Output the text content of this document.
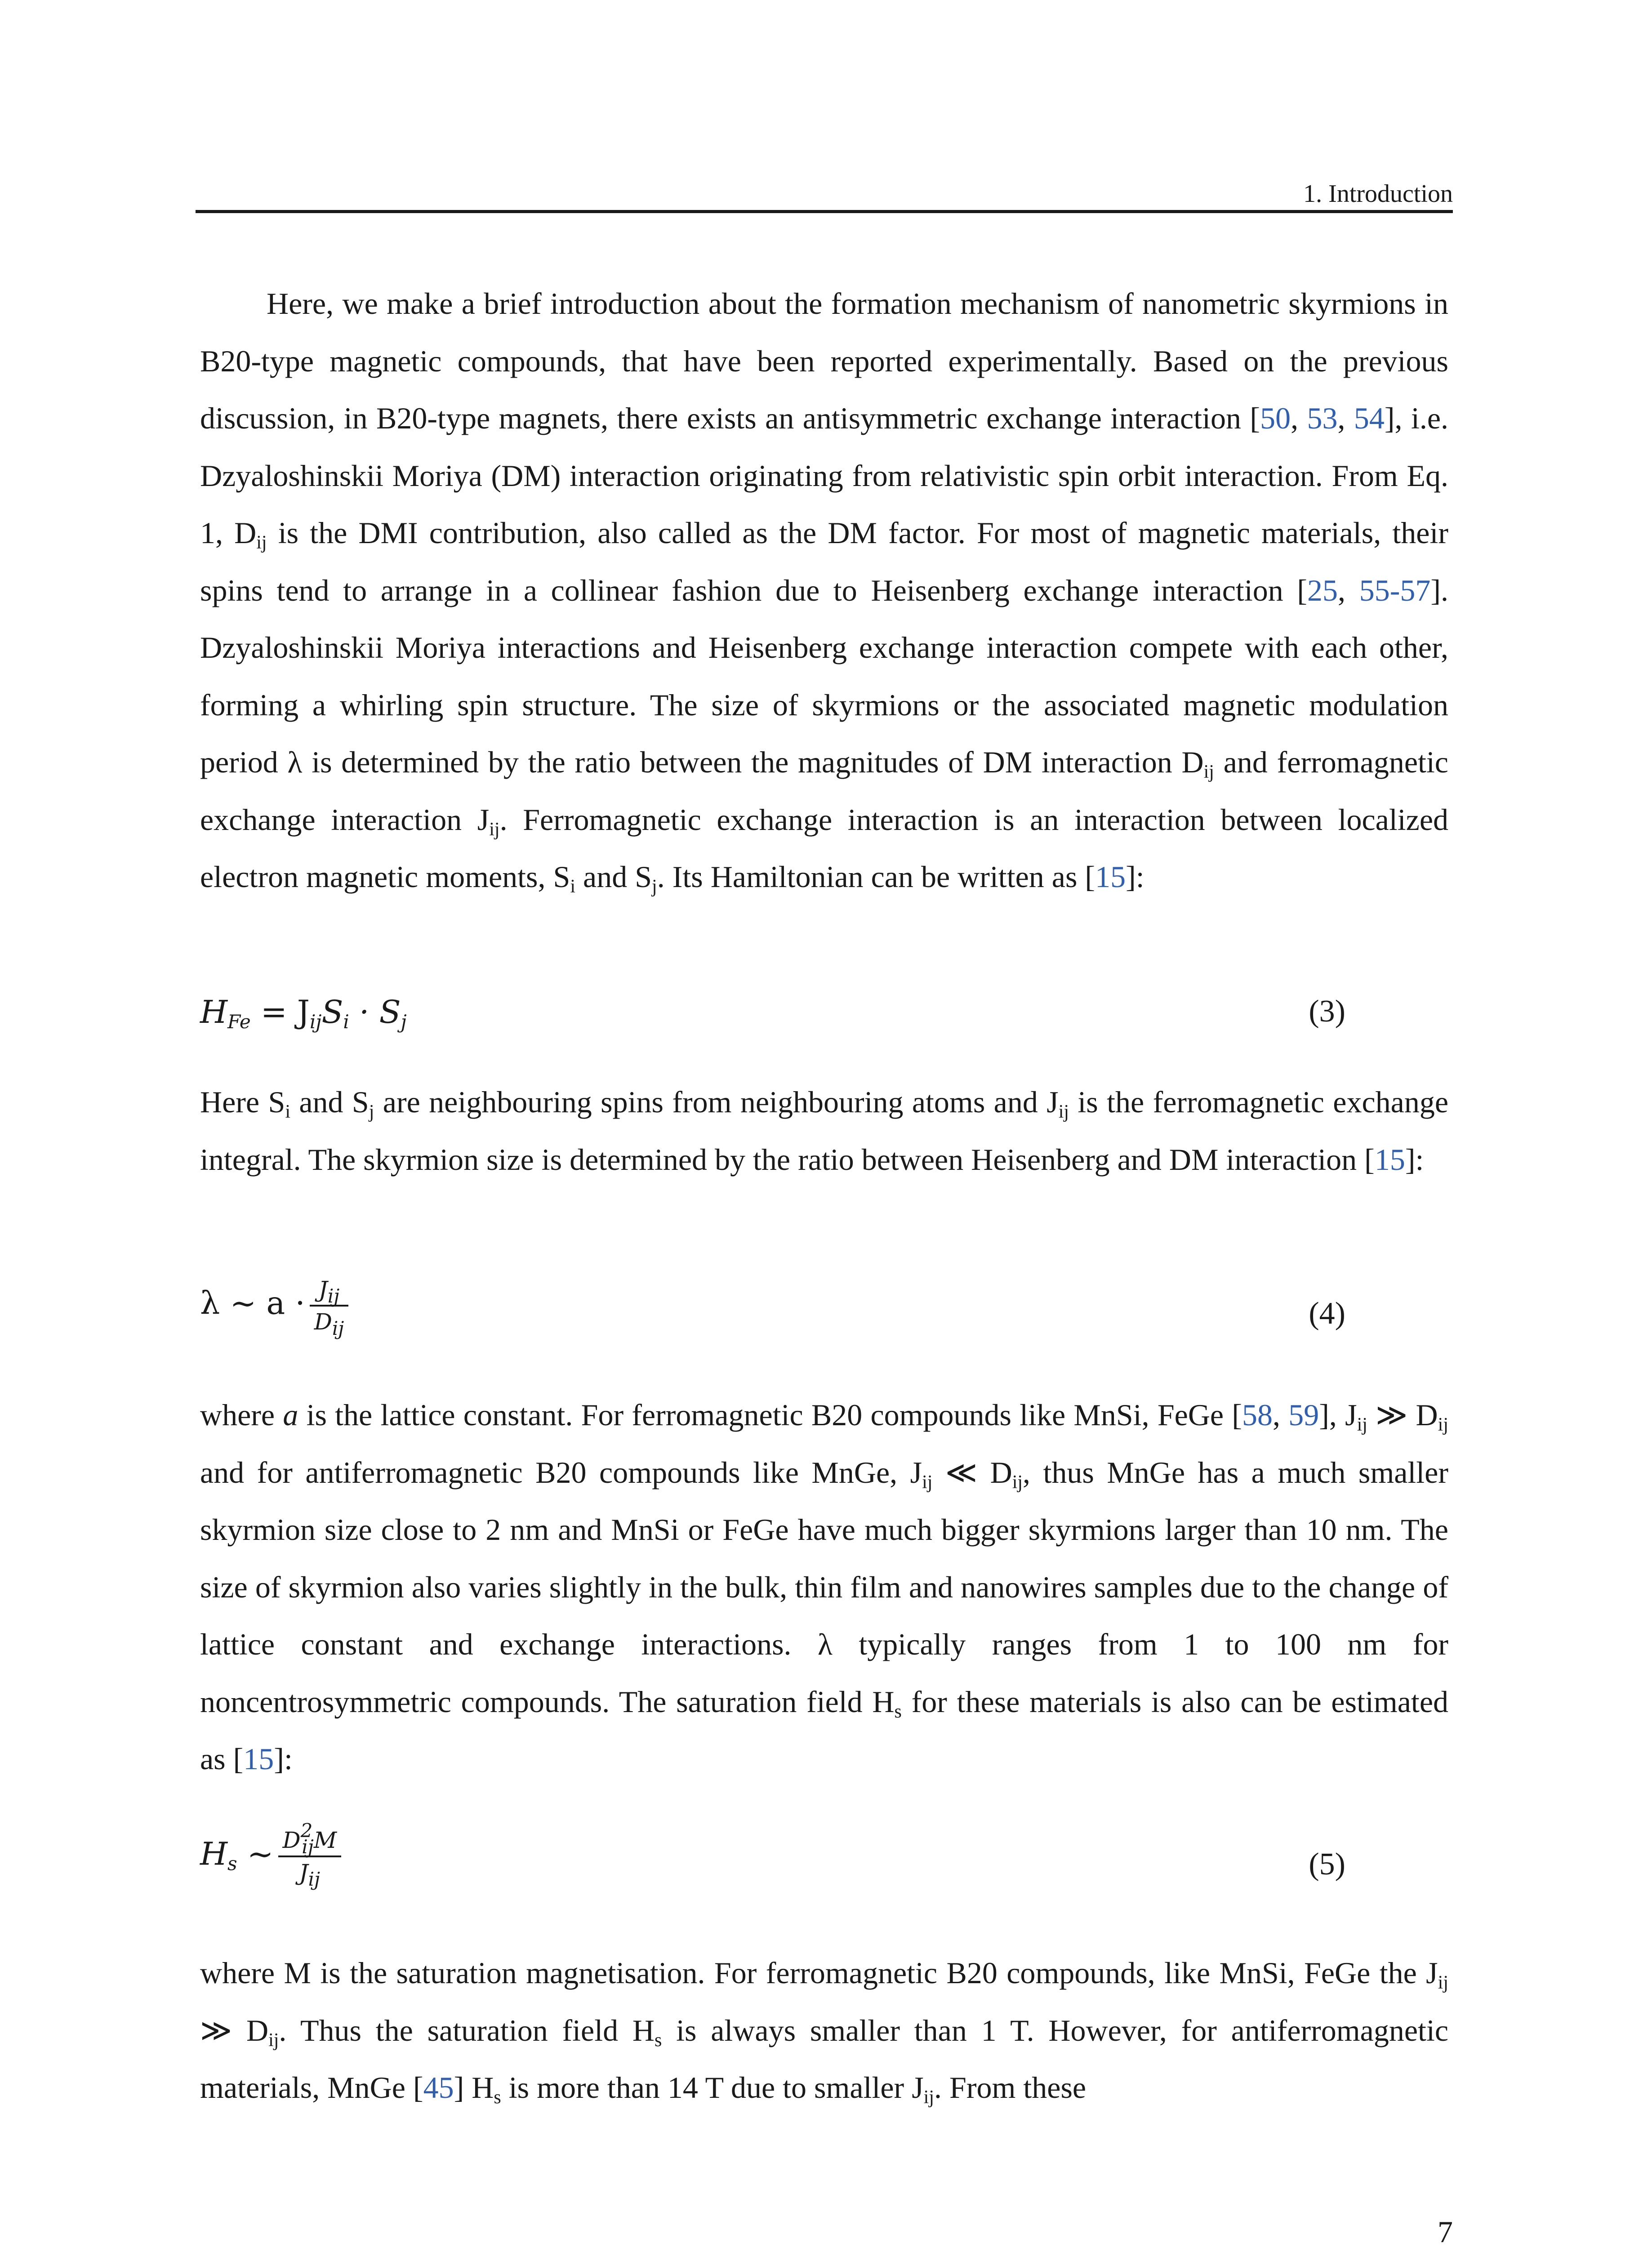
1. Introduction

Here, we make a brief introduction about the formation mechanism of nanometric skyrmions in B20-type magnetic compounds, that have been reported experimentally. Based on the previous discussion, in B20-type magnets, there exists an antisymmetric exchange interaction [50, 53, 54], i.e. Dzyaloshinskii Moriya (DM) interaction originating from relativistic spin orbit interaction. From Eq. 1, $D_{ij}$ is the DMI contribution, also called as the DM factor. For most of magnetic materials, their spins tend to arrange in a collinear fashion due to Heisenberg exchange interaction [25, 55-57]. Dzyaloshinskii Moriya interactions and Heisenberg exchange interaction compete with each other, forming a whirling spin structure. The size of skyrmions or the associated magnetic modulation period λ is determined by the ratio between the magnitudes of DM interaction $D_{ij}$ and ferromagnetic exchange interaction $J_{ij}$. Ferromagnetic exchange interaction is an interaction between localized electron magnetic moments, $S_i$ and $S_j$. Its Hamiltonian can be written as [15]:

$H_{Fe} = J_{ij}S_i \cdot S_j$	(3)

Here $S_i$ and $S_j$ are neighbouring spins from neighbouring atoms and $J_{ij}$ is the ferromagnetic exchange integral. The skyrmion size is determined by the ratio between Heisenberg and DM interaction [15]:

λ ~ $a \cdot \frac{J_{ij}}{D_{ij}}$	(4)

where a is the lattice constant. For ferromagnetic B20 compounds like MnSi, FeGe [58, 59], $J_{ij}$ ≫ $D_{ij}$ and for antiferromagnetic B20 compounds like MnGe, $J_{ij}$ ≪ $D_{ij}$, thus MnGe has a much smaller skyrmion size close to 2 nm and MnSi or FeGe have much bigger skyrmions larger than 10 nm. The size of skyrmion also varies slightly in the bulk, thin film and nanowires samples due to the change of lattice constant and exchange interactions. λ typically ranges from 1 to 100 nm for noncentrosymmetric compounds. The saturation field $H_s$ for these materials is also can be estimated as [15]:

$H_s$ ~ $\frac{D^2_{ij}M}{J_{ij}}$	(5)

where M is the saturation magnetisation. For ferromagnetic B20 compounds, like MnSi, FeGe the $J_{ij}$ ≫ $D_{ij}$. Thus the saturation field $H_s$ is always smaller than 1 T. However, for antiferromagnetic materials, MnGe [45] $H_s$ is more than 14 T due to smaller $J_{ij}$. From these

7
